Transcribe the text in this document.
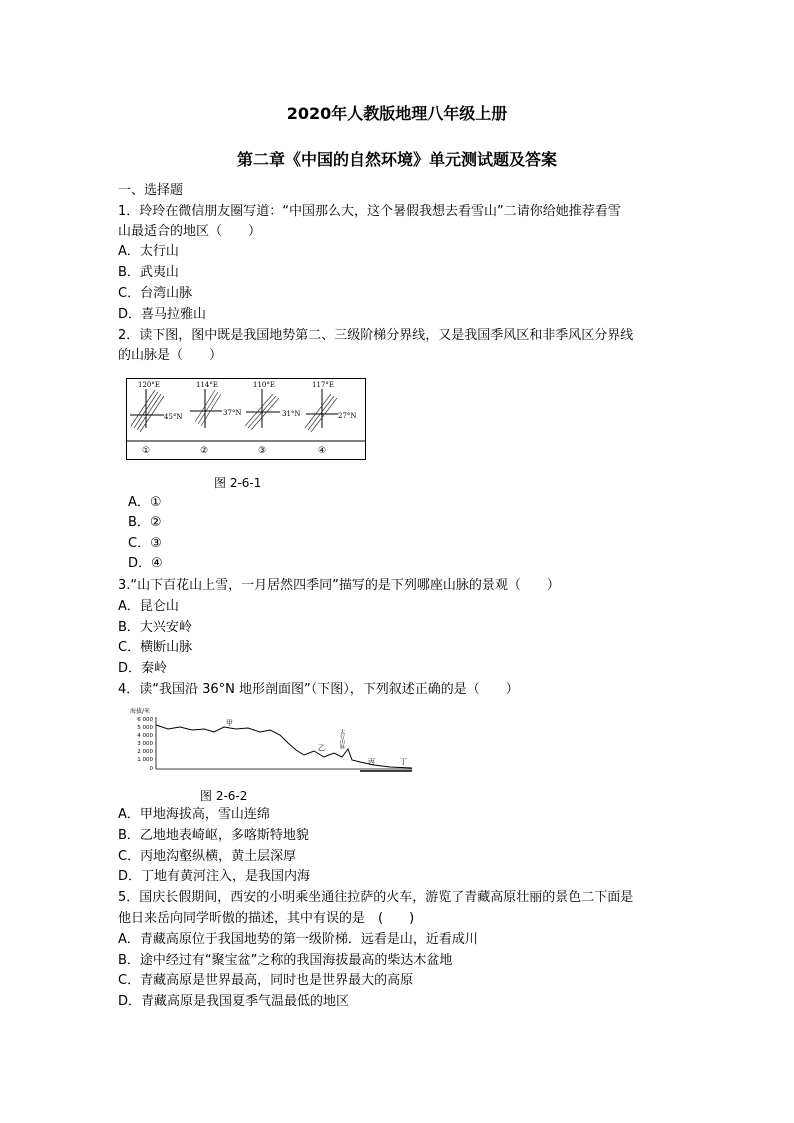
2020年人教版地理八年级上册
第二章《中国的自然环境》单元测试题及答案
一、选择题
1．玲玲在微信朋友圈写道：“中国那么大，这个暑假我想去看雪山”二请你给她推荐看雪
山最适合的地区（　　）
A．太行山
B．武夷山
C．台湾山脉
D．喜马拉雅山
2．读下图，图中既是我国地势第二、三级阶梯分界线，又是我国季风区和非季风区分界线
的山脉是（　　）
120°E
45°N
①
114°E
37°N
②
110°E
31°N
③
117°E
27°N
④
图 2-6-1
A．①
B．②
C．③
D．④
3.“山下百花山上雪，一月居然四季同”描写的是下列哪座山脉的景观（　　）
A．昆仑山
B．大兴安岭
C．横断山脉
D．秦岭
4．读“我国沿 36°N 地形剖面图”（下图），下列叙述正确的是（　　）
海拔/米
6 000
5 000
4 000
3 000
2 000
1 000
0
甲
乙	太行山脉
丙	丁
图 2-6-2
A．甲地海拔高，雪山连绵
B．乙地地表崎岖，多喀斯特地貌
C．丙地沟壑纵横，黄土层深厚
D．丁地有黄河注入，是我国内海
5．国庆长假期间，西安的小明乘坐通往拉萨的火车，游览了青藏高原壮丽的景色二下面是
他日来岳向同学昕傲的描述，其中有误的是　(　　)
A．青藏高原位于我国地势的第一级阶梯．远看是山，近看成川
B．途中经过有“聚宝盆”之称的我国海拔最高的柴达木盆地
C．青藏高原是世界最高，同时也是世界最大的高原
D．青藏高原是我国夏季气温最低的地区
